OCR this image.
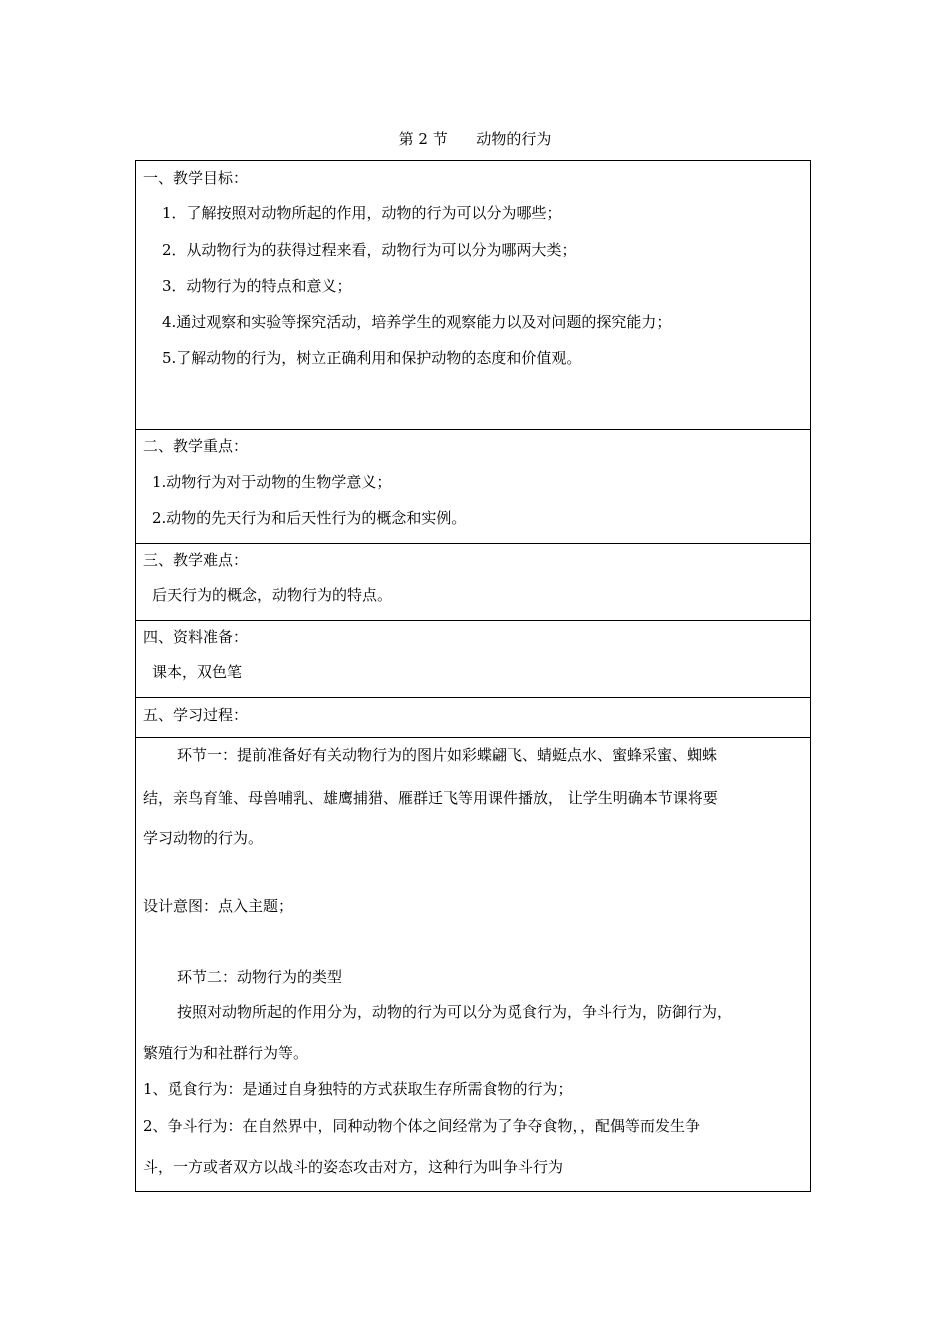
第 2 节      动物的行为
一、教学目标：
1．了解按照对动物所起的作用，动物的行为可以分为哪些；
2．从动物行为的获得过程来看，动物行为可以分为哪两大类；
3．动物行为的特点和意义；
4.通过观察和实验等探究活动，培养学生的观察能力以及对问题的探究能力；
5.了解动物的行为，树立正确利用和保护动物的态度和价值观。
二、教学重点：
1.动物行为对于动物的生物学意义；
2.动物的先天行为和后天性行为的概念和实例。
三、教学难点：
后天行为的概念，动物行为的特点。
四、资料准备：
课本，双色笔
五、学习过程：
环节一：提前准备好有关动物行为的图片如彩蝶翩飞、蜻蜓点水、蜜蜂采蜜、蜘蛛
结，亲鸟育雏、母兽哺乳、雄鹰捕猎、雁群迁飞等用课件播放， 让学生明确本节课将要
学习动物的行为。
设计意图：点入主题；
环节二：动物行为的类型
按照对动物所起的作用分为，动物的行为可以分为觅食行为，争斗行为，防御行为，
繁殖行为和社群行为等。
1、觅食行为：是通过自身独特的方式获取生存所需食物的行为；
2、争斗行为：在自然界中，同种动物个体之间经常为了争夺食物，，配偶等而发生争
斗，一方或者双方以战斗的姿态攻击对方，这种行为叫争斗行为
